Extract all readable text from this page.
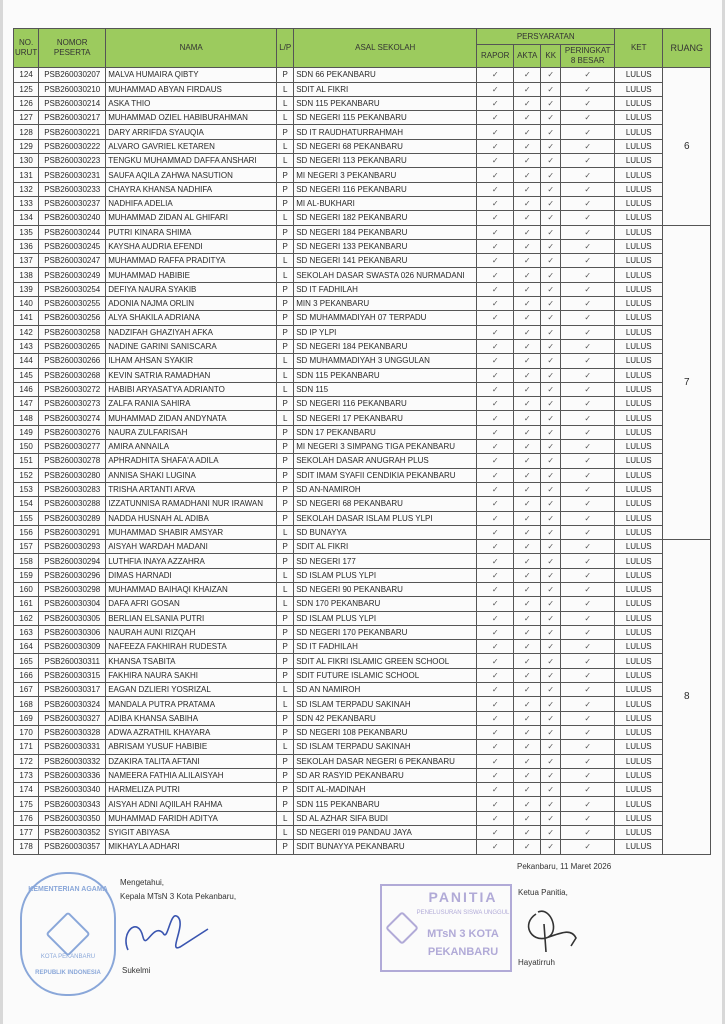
NO. URUT	NOMOR PESERTA	NAMA	L/P	ASAL SEKOLAH	PERSYARATAN				KET	RUANG
					RAPOR	AKTA	KK	PERINGKAT 8 BESAR		
124	PSB260030207	MALVA HUMAIRA QIBTY	P	SDN 66 PEKANBARU	✓	✓	✓	✓	LULUS	6
125	PSB260030210	MUHAMMAD ABYAN FIRDAUS	L	SDIT AL FIKRI	✓	✓	✓	✓	LULUS	
126	PSB260030214	ASKA THIO	L	SDN 115 PEKANBARU	✓	✓	✓	✓	LULUS	
127	PSB260030217	MUHAMMAD OZIEL HABIBURAHMAN	L	SD NEGERI 115 PEKANBARU	✓	✓	✓	✓	LULUS	
128	PSB260030221	DARY ARRIFDA SYAUQIA	P	SD IT RAUDHATURRAHMAH	✓	✓	✓	✓	LULUS	
129	PSB260030222	ALVARO GAVRIEL KETAREN	L	SD NEGERI 68 PEKANBARU	✓	✓	✓	✓	LULUS	
130	PSB260030223	TENGKU MUHAMMAD DAFFA ANSHARI	L	SD NEGERI 113 PEKANBARU	✓	✓	✓	✓	LULUS	
131	PSB260030231	SAUFA AQILA ZAHWA NASUTION	P	MI NEGERI 3 PEKANBARU	✓	✓	✓	✓	LULUS	
132	PSB260030233	CHAYRA KHANSA NADHIFA	P	SD NEGERI 116 PEKANBARU	✓	✓	✓	✓	LULUS	
133	PSB260030237	NADHIFA ADELIA	P	MI AL-BUKHARI	✓	✓	✓	✓	LULUS	
134	PSB260030240	MUHAMMAD ZIDAN AL GHIFARI	L	SD NEGERI 182 PEKANBARU	✓	✓	✓	✓	LULUS	
135	PSB260030244	PUTRI KINARA SHIMA	P	SD NEGERI 184 PEKANBARU	✓	✓	✓	✓	LULUS	7
136	PSB260030245	KAYSHA AUDRIA EFENDI	P	SD NEGERI 133 PEKANBARU	✓	✓	✓	✓	LULUS	
137	PSB260030247	MUHAMMAD RAFFA PRADITYA	L	SD NEGERI 141 PEKANBARU	✓	✓	✓	✓	LULUS	
138	PSB260030249	MUHAMMAD HABIBIE	L	SEKOLAH DASAR SWASTA 026 NURMADANI	✓	✓	✓	✓	LULUS	
139	PSB260030254	DEFIYA NAURA SYAKIB	P	SD IT FADHILAH	✓	✓	✓	✓	LULUS	
140	PSB260030255	ADONIA NAJMA ORLIN	P	MIN 3 PEKANBARU	✓	✓	✓	✓	LULUS	
141	PSB260030256	ALYA SHAKILA ADRIANA	P	SD MUHAMMADIYAH 07 TERPADU	✓	✓	✓	✓	LULUS	
142	PSB260030258	NADZIFAH GHAZIYAH AFKA	P	SD IP YLPI	✓	✓	✓	✓	LULUS	
143	PSB260030265	NADINE GARINI SANISCARA	P	SD NEGERI 184 PEKANBARU	✓	✓	✓	✓	LULUS	
144	PSB260030266	ILHAM AHSAN SYAKIR	L	SD MUHAMMADIYAH 3 UNGGULAN	✓	✓	✓	✓	LULUS	
145	PSB260030268	KEVIN SATRIA RAMADHAN	L	SDN 115 PEKANBARU	✓	✓	✓	✓	LULUS	
146	PSB260030272	HABIBI ARYASATYA ADRIANTO	L	SDN 115	✓	✓	✓	✓	LULUS	
147	PSB260030273	ZALFA RANIA SAHIRA	P	SD NEGERI 116 PEKANBARU	✓	✓	✓	✓	LULUS	
148	PSB260030274	MUHAMMAD ZIDAN ANDYNATA	L	SD NEGERI 17 PEKANBARU	✓	✓	✓	✓	LULUS	
149	PSB260030276	NAURA ZULFARISAH	P	SDN 17 PEKANBARU	✓	✓	✓	✓	LULUS	
150	PSB260030277	AMIRA ANNAILA	P	MI NEGERI 3 SIMPANG TIGA PEKANBARU	✓	✓	✓	✓	LULUS	
151	PSB260030278	APHRADHITA SHAFA'A ADILA	P	SEKOLAH DASAR ANUGRAH PLUS	✓	✓	✓	✓	LULUS	
152	PSB260030280	ANNISA SHAKI LUGINA	P	SDIT IMAM SYAFII CENDIKIA PEKANBARU	✓	✓	✓	✓	LULUS	
153	PSB260030283	TRISHA ARTANTI ARVA	P	SD AN-NAMIROH	✓	✓	✓	✓	LULUS	
154	PSB260030288	IZZATUNNISA RAMADHANI NUR IRAWAN	P	SD NEGERI 68 PEKANBARU	✓	✓	✓	✓	LULUS	
155	PSB260030289	NADDA HUSNAH AL ADIBA	P	SEKOLAH DASAR ISLAM PLUS YLPI	✓	✓	✓	✓	LULUS	
156	PSB260030291	MUHAMMAD SHABIR AMSYAR	L	SD BUNAYYA	✓	✓	✓	✓	LULUS	
157	PSB260030293	AISYAH WARDAH MADANI	P	SDIT AL FIKRI	✓	✓	✓	✓	LULUS	8
158	PSB260030294	LUTHFIA INAYA AZZAHRA	P	SD NEGERI 177	✓	✓	✓	✓	LULUS	
159	PSB260030296	DIMAS HARNADI	L	SD ISLAM PLUS YLPI	✓	✓	✓	✓	LULUS	
160	PSB260030298	MUHAMMAD BAIHAQI KHAIZAN	L	SD NEGERI 90 PEKANBARU	✓	✓	✓	✓	LULUS	
161	PSB260030304	DAFA AFRI GOSAN	L	SDN 170 PEKANBARU	✓	✓	✓	✓	LULUS	
162	PSB260030305	BERLIAN ELSANIA PUTRI	P	SD ISLAM PLUS YLPI	✓	✓	✓	✓	LULUS	
163	PSB260030306	NAURAH AUNI RIZQAH	P	SD NEGERI 170 PEKANBARU	✓	✓	✓	✓	LULUS	
164	PSB260030309	NAFEEZA FAKHIRAH RUDESTA	P	SD IT FADHILAH	✓	✓	✓	✓	LULUS	
165	PSB260030311	KHANSA TSABITA	P	SDIT AL FIKRI ISLAMIC GREEN SCHOOL	✓	✓	✓	✓	LULUS	
166	PSB260030315	FAKHIRA NAURA SAKHI	P	SDIT FUTURE ISLAMIC SCHOOL	✓	✓	✓	✓	LULUS	
167	PSB260030317	EAGAN DZLIERI YOSRIZAL	L	SD AN NAMIROH	✓	✓	✓	✓	LULUS	
168	PSB260030324	MANDALA PUTRA PRATAMA	L	SD ISLAM TERPADU SAKINAH	✓	✓	✓	✓	LULUS	
169	PSB260030327	ADIBA KHANSA SABIHA	P	SDN 42 PEKANBARU	✓	✓	✓	✓	LULUS	
170	PSB260030328	ADWA AZRATHIL KHAYARA	P	SD NEGERI 108 PEKANBARU	✓	✓	✓	✓	LULUS	
171	PSB260030331	ABRISAM YUSUF HABIBIE	L	SD ISLAM TERPADU SAKINAH	✓	✓	✓	✓	LULUS	
172	PSB260030332	DZAKIRA TALITA AFTANI	P	SEKOLAH DASAR NEGERI 6 PEKANBARU	✓	✓	✓	✓	LULUS	
173	PSB260030336	NAMEERA FATHIA ALILAISYAH	P	SD AR RASYID PEKANBARU	✓	✓	✓	✓	LULUS	
174	PSB260030340	HARMELIZA PUTRI	P	SDIT AL-MADINAH	✓	✓	✓	✓	LULUS	
175	PSB260030343	AISYAH ADNI AQIILAH RAHMA	P	SDN 115 PEKANBARU	✓	✓	✓	✓	LULUS	
176	PSB260030350	MUHAMMAD FARIDH ADITYA	L	SD AL AZHAR SIFA BUDI	✓	✓	✓	✓	LULUS	
177	PSB260030352	SYIGIT ABIYASA	L	SD NEGERI 019 PANDAU JAYA	✓	✓	✓	✓	LULUS	
178	PSB260030357	MIKHAYLA ADHARI	P	SDIT BUNAYYA PEKANBARU	✓	✓	✓	✓	LULUS	
KEMENTERIAN AGAMA
KOTA PEKANBARU
REPUBLIK INDONESIA
Mengetahui,
Kepala MTsN 3 Kota Pekanbaru,
Sukelmi
Pekanbaru, 11 Maret 2026
PANITIA
PENELUSURAN SISWA UNGGUL
MTsN 3 KOTA
PEKANBARU
Ketua Panitia,
Hayatirruh
